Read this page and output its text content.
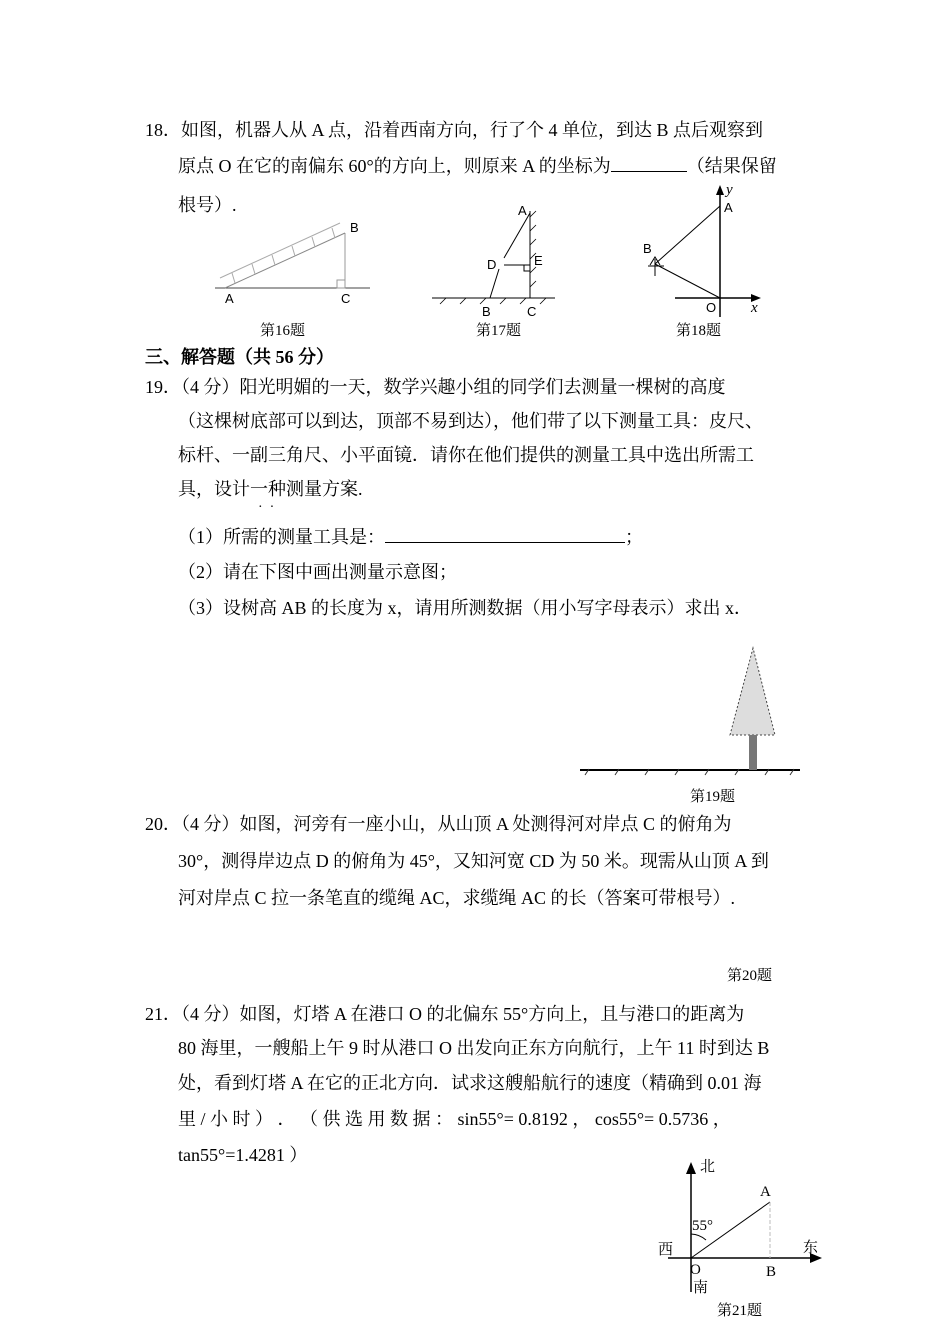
18．如图，机器人从 A 点，沿着西南方向，行了个 4 单位，到达 B 点后观察到
原点 O 在它的南偏东 60°的方向上，则原来 A 的坐标为	（结果保留
根号）.
B
A	C
A
D	E
B	C
y
A
B
O x
第16题	第17题	第18题
三、解答题（共 56 分）
19．（4 分）阳光明媚的一天，数学兴趣小组的同学们去测量一棵树的高度
（这棵树底部可以到达，顶部不易到达），他们带了以下测量工具：皮尺、
标杆、一副三角尺、小平面镜．请你在他们提供的测量工具中选出所需工
具，设计一种测量方案.
·  ·
（1）所需的测量工具是：	；
（2）请在下图中画出测量示意图；
（3）设树高 AB 的长度为 x，请用所测数据（用小写字母表示）求出 x．
第19题
20．（4 分）如图，河旁有一座小山，从山顶 A 处测得河对岸点 C 的俯角为
30°，测得岸边点 D 的俯角为 45°，又知河宽 CD 为 50 米。现需从山顶 A 到
河对岸点 C 拉一条笔直的缆绳 AC，求缆绳 AC 的长（答案可带根号）.
第20题
21．（4 分）如图，灯塔 A 在港口 O 的北偏东 55°方向上，且与港口的距离为
80 海里，一艘船上午 9 时从港口 O 出发向正东方向航行，上午 11 时到达 B
处，看到灯塔 A 在它的正北方向．试求这艘船航行的速度（精确到 0.01 海
里 / 小 时 ） ． （ 供 选 用 数 据 ： sin55°= 0.8192 ， cos55°= 0.5736 ，
tan55°=1.4281 ）
北
A
55°
西	东
O	B
南
第21题
